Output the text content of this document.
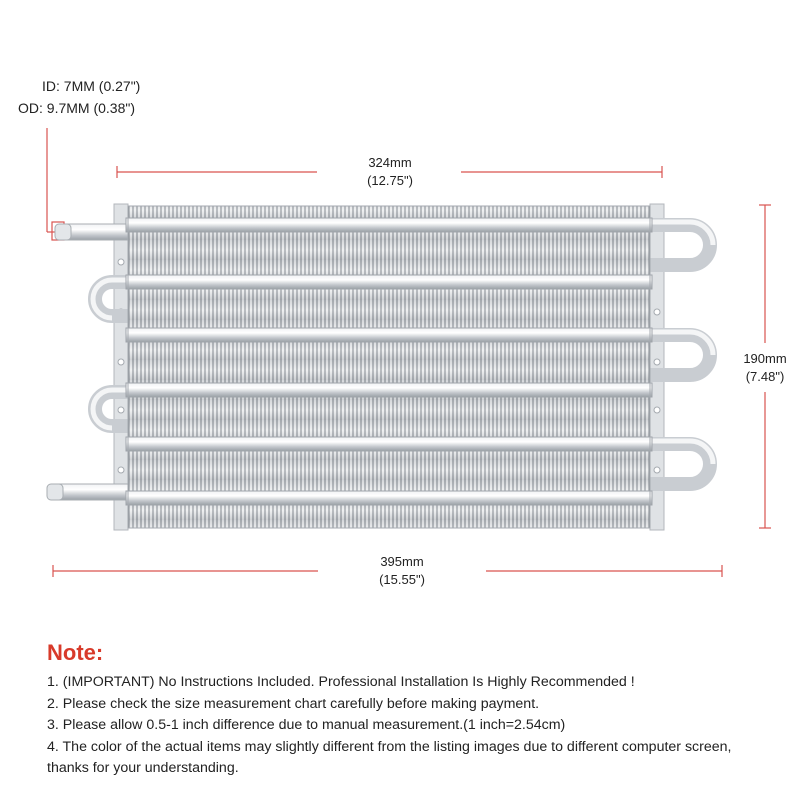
ID: 7MM (0.27")
OD: 9.7MM (0.38")
324mm
(12.75")
190mm
(7.48")
395mm
(15.55")
Note:
1. (IMPORTANT) No Instructions Included. Professional Installation Is Highly Recommended !
2. Please check the size measurement chart carefully before making payment.
3. Please allow 0.5-1 inch difference due to manual measurement.(1 inch=2.54cm)
4. The color of the actual items may slightly different from the listing images due to different computer screen, thanks for your understanding.
